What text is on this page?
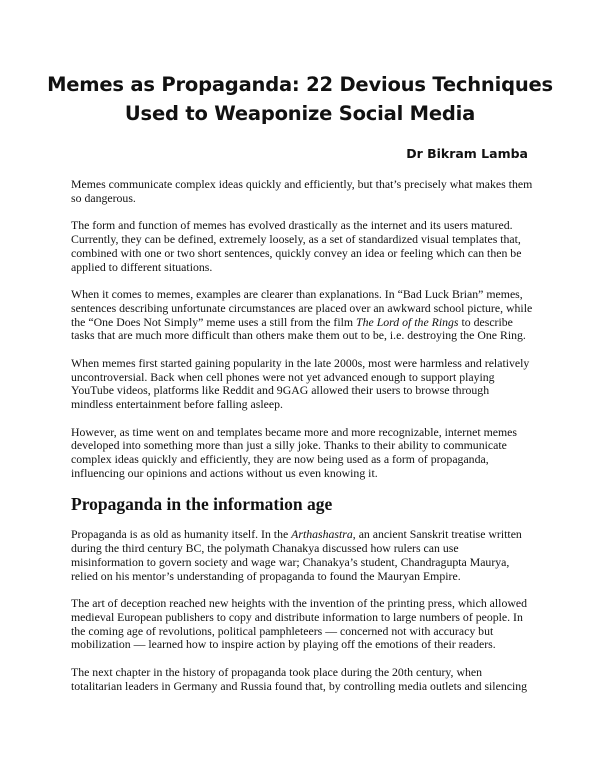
Memes as Propaganda: 22 Devious Techniques Used to Weaponize Social Media
Dr Bikram Lamba

Memes communicate complex ideas quickly and efficiently, but that’s precisely what makes them so dangerous.

The form and function of memes has evolved drastically as the internet and its users matured. Currently, they can be defined, extremely loosely, as a set of standardized visual templates that, combined with one or two short sentences, quickly convey an idea or feeling which can then be applied to different situations.

When it comes to memes, examples are clearer than explanations. In “Bad Luck Brian” memes, sentences describing unfortunate circumstances are placed over an awkward school picture, while the “One Does Not Simply” meme uses a still from the film The Lord of the Rings to describe tasks that are much more difficult than others make them out to be, i.e. destroying the One Ring.

When memes first started gaining popularity in the late 2000s, most were harmless and relatively uncontroversial. Back when cell phones were not yet advanced enough to support playing YouTube videos, platforms like Reddit and 9GAG allowed their users to browse through mindless entertainment before falling asleep.

However, as time went on and templates became more and more recognizable, internet memes developed into something more than just a silly joke. Thanks to their ability to communicate complex ideas quickly and efficiently, they are now being used as a form of propaganda, influencing our opinions and actions without us even knowing it.

Propaganda in the information age

Propaganda is as old as humanity itself. In the Arthashastra, an ancient Sanskrit treatise written during the third century BC, the polymath Chanakya discussed how rulers can use misinformation to govern society and wage war; Chanakya’s student, Chandragupta Maurya, relied on his mentor’s understanding of propaganda to found the Mauryan Empire.

The art of deception reached new heights with the invention of the printing press, which allowed medieval European publishers to copy and distribute information to large numbers of people. In the coming age of revolutions, political pamphleteers — concerned not with accuracy but mobilization — learned how to inspire action by playing off the emotions of their readers.

The next chapter in the history of propaganda took place during the 20th century, when totalitarian leaders in Germany and Russia found that, by controlling media outlets and silencing
